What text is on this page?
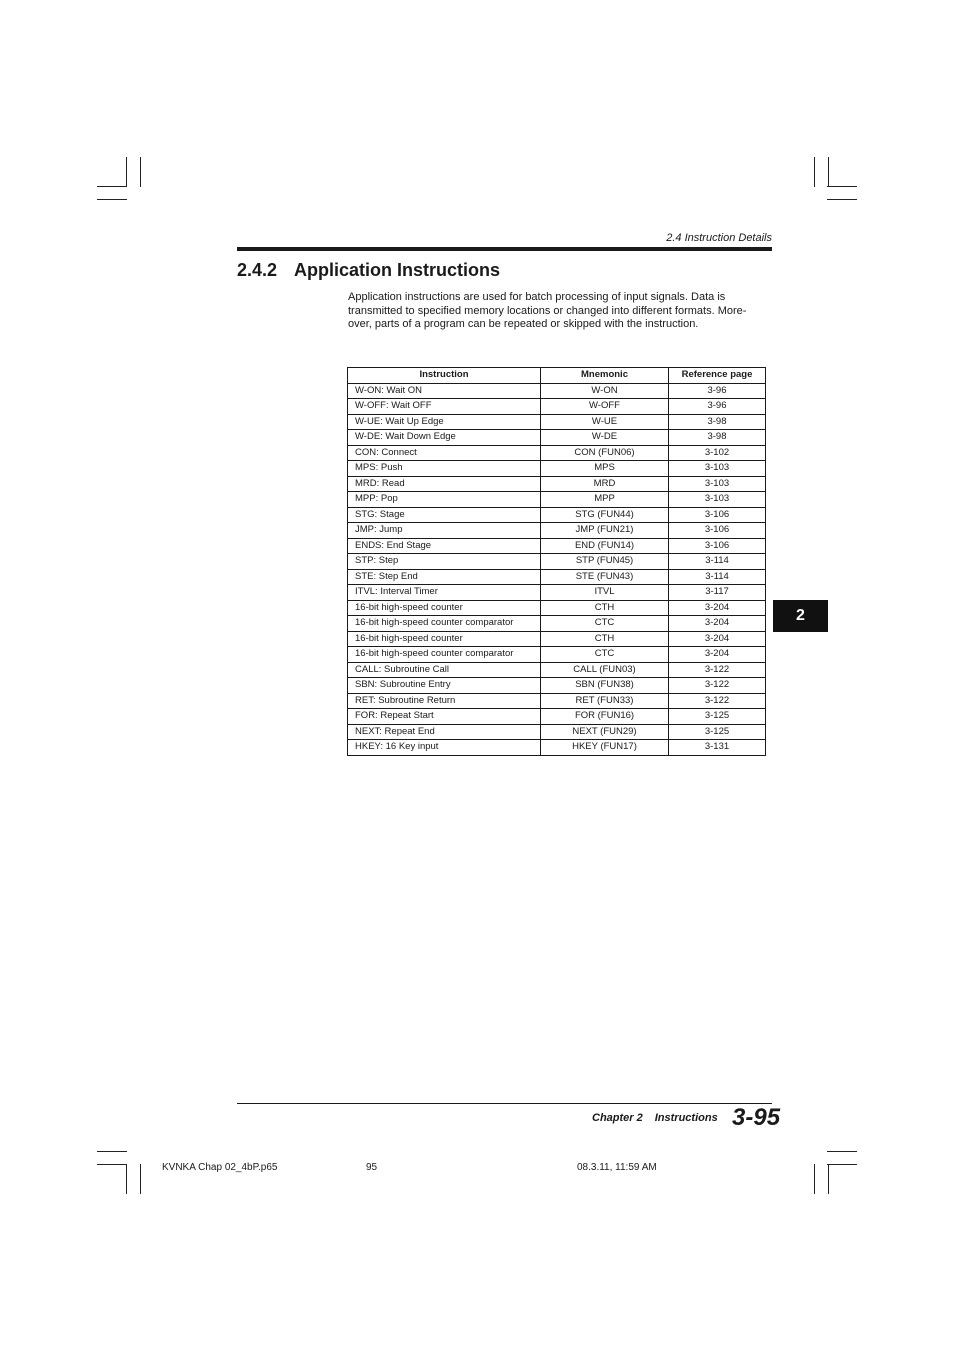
2.4 Instruction Details
2.4.2 Application Instructions
Application instructions are used for batch processing of input signals. Data is transmitted to specified memory locations or changed into different formats. More-over, parts of a program can be repeated or skipped with the instruction.
Instruction	Mnemonic	Reference page
W-ON: Wait ON	W-ON	3-96
W-OFF: Wait OFF	W-OFF	3-96
W-UE: Wait Up Edge	W-UE	3-98
W-DE: Wait Down Edge	W-DE	3-98
CON: Connect	CON (FUN06)	3-102
MPS: Push	MPS	3-103
MRD: Read	MRD	3-103
MPP: Pop	MPP	3-103
STG: Stage	STG (FUN44)	3-106
JMP: Jump	JMP (FUN21)	3-106
ENDS: End Stage	END (FUN14)	3-106
STP: Step	STP (FUN45)	3-114
STE: Step End	STE (FUN43)	3-114
ITVL: Interval Timer	ITVL	3-117
16-bit high-speed counter	CTH	3-204
16-bit high-speed counter comparator	CTC	3-204
16-bit high-speed counter	CTH	3-204
16-bit high-speed counter comparator	CTC	3-204
CALL: Subroutine Call	CALL (FUN03)	3-122
SBN: Subroutine Entry	SBN (FUN38)	3-122
RET: Subroutine Return	RET (FUN33)	3-122
FOR: Repeat Start	FOR (FUN16)	3-125
NEXT: Repeat End	NEXT (FUN29)	3-125
HKEY: 16 Key input	HKEY (FUN17)	3-131
2
Chapter 2 Instructions 3-95
KVNKA Chap 02_4bP.p65	95	08.3.11, 11:59 AM
